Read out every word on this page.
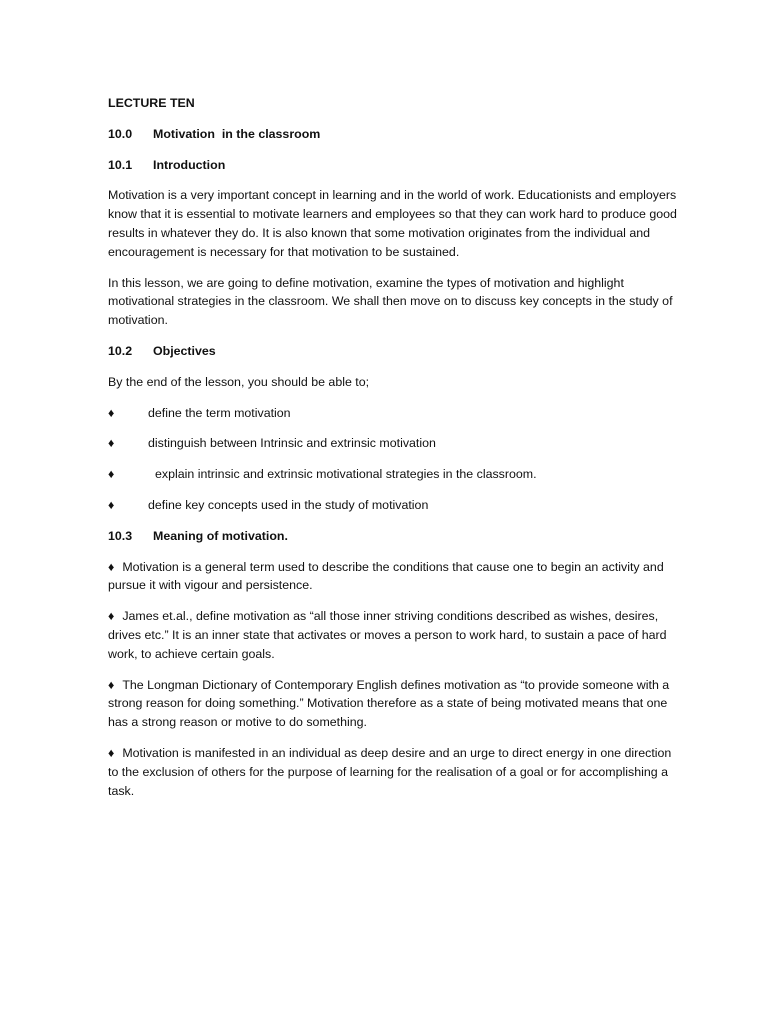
LECTURE TEN

10.0	Motivation  in the classroom

10.1	Introduction

Motivation is a very important concept in learning and in the world of work. Educationists and employers know that it is essential to motivate learners and employees so that they can work hard to produce good results in whatever they do. It is also known that some motivation originates from the individual and encouragement is necessary for that motivation to be sustained.

In this lesson, we are going to define motivation, examine the types of motivation and highlight motivational strategies in the classroom. We shall then move on to discuss key concepts in the study of motivation.

10.2	Objectives

By the end of the lesson, you should be able to;

♦	define the term motivation
♦	distinguish between Intrinsic and extrinsic motivation
♦	explain intrinsic and extrinsic motivational strategies in the classroom.
♦	define key concepts used in the study of motivation

10.3	Meaning of motivation.

♦ Motivation is a general term used to describe the conditions that cause one to begin an activity and pursue it with vigour and persistence.

♦ James et.al., define motivation as “all those inner striving conditions described as wishes, desires, drives etc.” It is an inner state that activates or moves a person to work hard, to sustain a pace of hard work, to achieve certain goals.

♦ The Longman Dictionary of Contemporary English defines motivation as “to provide someone with a strong reason for doing something.” Motivation therefore as a state of being motivated means that one has a strong reason or motive to do something.

♦ Motivation is manifested in an individual as deep desire and an urge to direct energy in one direction to the exclusion of others for the purpose of learning for the realisation of a goal or for accomplishing a task.
